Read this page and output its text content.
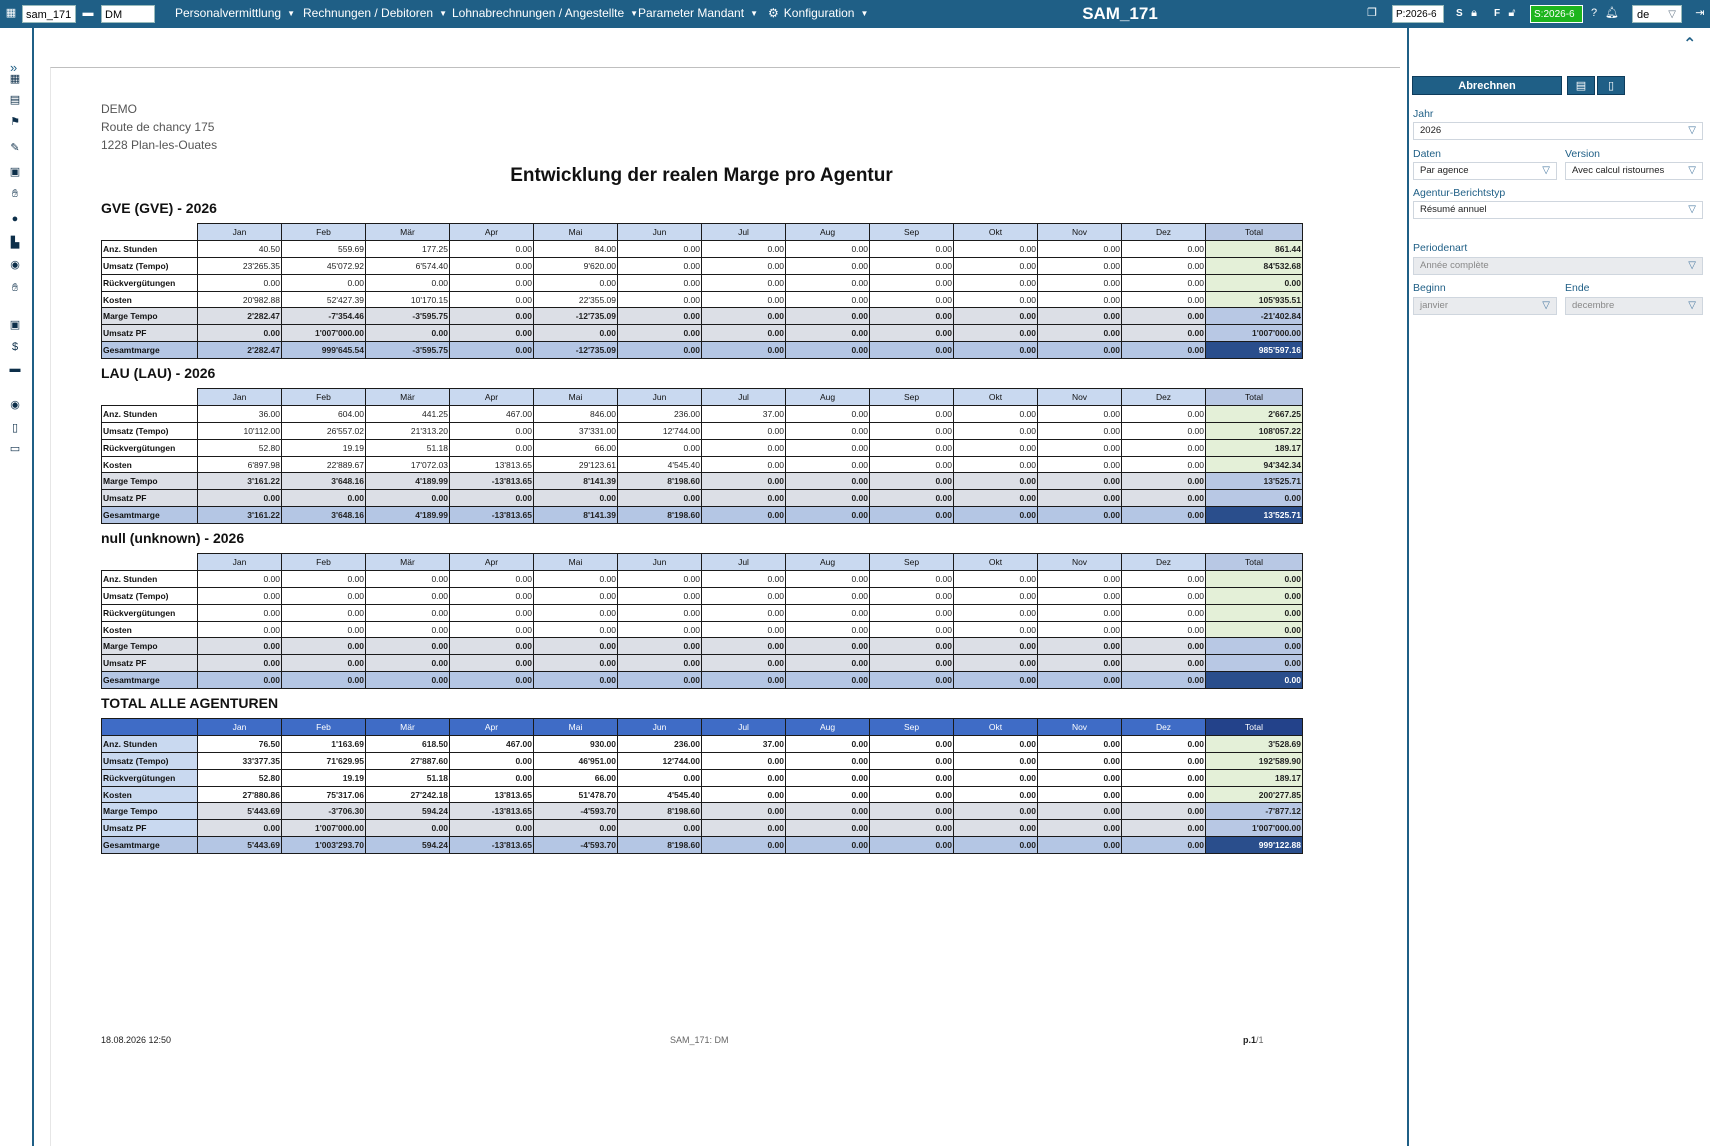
▦ sam_171	▬	DM	Personalvermittlung ▼ Rechnungen / Debitoren ▼ Lohnabrechnungen / Angestellte ▼ Parameter Mandant ▼ ⚙ Konfiguration ▼	SAM_171	❐	P:2026-6	S 🔒︎	F 🔓︎	S:2026-6	? 🔔︎	de ▽ ⇥
»
▦
▤
⚑
✎
▣
✋︎
●
▙
◉
✋︎
▣
$
▬
◉
▯
▭
DEMO
Route de chancy 175
1228 Plan-les-Ouates
Entwicklung der realen Marge pro Agentur
GVE (GVE) - 2026
	Jan	Feb	Mär	Apr	Mai	Jun	Jul	Aug	Sep	Okt	Nov	Dez	Total
Anz. Stunden	40.50	559.69	177.25	0.00	84.00	0.00	0.00	0.00	0.00	0.00	0.00	0.00	861.44
Umsatz (Tempo)	23'265.35	45'072.92	6'574.40	0.00	9'620.00	0.00	0.00	0.00	0.00	0.00	0.00	0.00	84'532.68
Rückvergütungen	0.00	0.00	0.00	0.00	0.00	0.00	0.00	0.00	0.00	0.00	0.00	0.00	0.00
Kosten	20'982.88	52'427.39	10'170.15	0.00	22'355.09	0.00	0.00	0.00	0.00	0.00	0.00	0.00	105'935.51
Marge Tempo	2'282.47	-7'354.46	-3'595.75	0.00	-12'735.09	0.00	0.00	0.00	0.00	0.00	0.00	0.00	-21'402.84
Umsatz PF	0.00	1'007'000.00	0.00	0.00	0.00	0.00	0.00	0.00	0.00	0.00	0.00	0.00	1'007'000.00
Gesamtmarge	2'282.47	999'645.54	-3'595.75	0.00	-12'735.09	0.00	0.00	0.00	0.00	0.00	0.00	0.00	985'597.16
LAU (LAU) - 2026
	Jan	Feb	Mär	Apr	Mai	Jun	Jul	Aug	Sep	Okt	Nov	Dez	Total
Anz. Stunden	36.00	604.00	441.25	467.00	846.00	236.00	37.00	0.00	0.00	0.00	0.00	0.00	2'667.25
Umsatz (Tempo)	10'112.00	26'557.02	21'313.20	0.00	37'331.00	12'744.00	0.00	0.00	0.00	0.00	0.00	0.00	108'057.22
Rückvergütungen	52.80	19.19	51.18	0.00	66.00	0.00	0.00	0.00	0.00	0.00	0.00	0.00	189.17
Kosten	6'897.98	22'889.67	17'072.03	13'813.65	29'123.61	4'545.40	0.00	0.00	0.00	0.00	0.00	0.00	94'342.34
Marge Tempo	3'161.22	3'648.16	4'189.99	-13'813.65	8'141.39	8'198.60	0.00	0.00	0.00	0.00	0.00	0.00	13'525.71
Umsatz PF	0.00	0.00	0.00	0.00	0.00	0.00	0.00	0.00	0.00	0.00	0.00	0.00	0.00
Gesamtmarge	3'161.22	3'648.16	4'189.99	-13'813.65	8'141.39	8'198.60	0.00	0.00	0.00	0.00	0.00	0.00	13'525.71
null (unknown) - 2026
	Jan	Feb	Mär	Apr	Mai	Jun	Jul	Aug	Sep	Okt	Nov	Dez	Total
Anz. Stunden	0.00	0.00	0.00	0.00	0.00	0.00	0.00	0.00	0.00	0.00	0.00	0.00	0.00
Umsatz (Tempo)	0.00	0.00	0.00	0.00	0.00	0.00	0.00	0.00	0.00	0.00	0.00	0.00	0.00
Rückvergütungen	0.00	0.00	0.00	0.00	0.00	0.00	0.00	0.00	0.00	0.00	0.00	0.00	0.00
Kosten	0.00	0.00	0.00	0.00	0.00	0.00	0.00	0.00	0.00	0.00	0.00	0.00	0.00
Marge Tempo	0.00	0.00	0.00	0.00	0.00	0.00	0.00	0.00	0.00	0.00	0.00	0.00	0.00
Umsatz PF	0.00	0.00	0.00	0.00	0.00	0.00	0.00	0.00	0.00	0.00	0.00	0.00	0.00
Gesamtmarge	0.00	0.00	0.00	0.00	0.00	0.00	0.00	0.00	0.00	0.00	0.00	0.00	0.00
TOTAL ALLE AGENTUREN
	Jan	Feb	Mär	Apr	Mai	Jun	Jul	Aug	Sep	Okt	Nov	Dez	Total
Anz. Stunden	76.50	1'163.69	618.50	467.00	930.00	236.00	37.00	0.00	0.00	0.00	0.00	0.00	3'528.69
Umsatz (Tempo)	33'377.35	71'629.95	27'887.60	0.00	46'951.00	12'744.00	0.00	0.00	0.00	0.00	0.00	0.00	192'589.90
Rückvergütungen	52.80	19.19	51.18	0.00	66.00	0.00	0.00	0.00	0.00	0.00	0.00	0.00	189.17
Kosten	27'880.86	75'317.06	27'242.18	13'813.65	51'478.70	4'545.40	0.00	0.00	0.00	0.00	0.00	0.00	200'277.85
Marge Tempo	5'443.69	-3'706.30	594.24	-13'813.65	-4'593.70	8'198.60	0.00	0.00	0.00	0.00	0.00	0.00	-7'877.12
Umsatz PF	0.00	1'007'000.00	0.00	0.00	0.00	0.00	0.00	0.00	0.00	0.00	0.00	0.00	1'007'000.00
Gesamtmarge	5'443.69	1'003'293.70	594.24	-13'813.65	-4'593.70	8'198.60	0.00	0.00	0.00	0.00	0.00	0.00	999'122.88
18.08.2026 12:50	SAM_171: DM	p.1/1
⌃
Abrechnen	▤	▯
Jahr
2026	▽
Daten
Par agence	▽
Version
Avec calcul ristournes ▽
Agentur-Berichtstyp
Résumé annuel	▽
Periodenart
Année complète	▽
Beginn
janvier	▽
Ende
decembre	▽
